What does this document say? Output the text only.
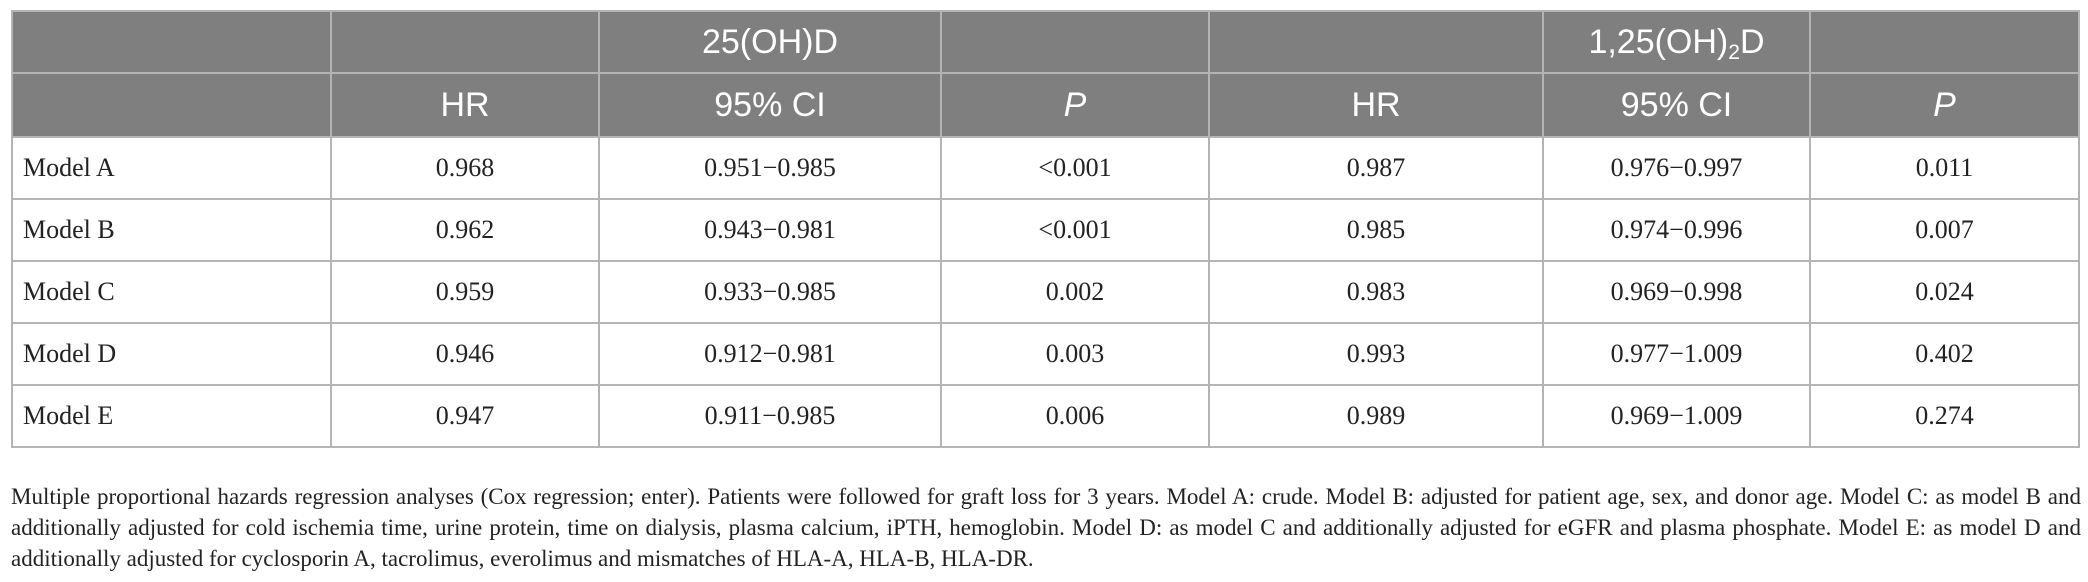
		25(OH)D			$1,25(OH)_2D$	
	HR	95% CI	P	HR	95% CI	P
Model A	0.968	0.951−0.985	<0.001	0.987	0.976−0.997	0.011
Model B	0.962	0.943−0.981	<0.001	0.985	0.974−0.996	0.007
Model C	0.959	0.933−0.985	0.002	0.983	0.969−0.998	0.024
Model D	0.946	0.912−0.981	0.003	0.993	0.977−1.009	0.402
Model E	0.947	0.911−0.985	0.006	0.989	0.969−1.009	0.274

Multiple proportional hazards regression analyses (Cox regression; enter). Patients were followed for graft loss for 3 years. Model A: crude. Model B: adjusted for patient age, sex, and donor age. Model C: as model B and additionally adjusted for cold ischemia time, urine protein, time on dialysis, plasma calcium, iPTH, hemoglobin. Model D: as model C and additionally adjusted for eGFR and plasma phosphate. Model E: as model D and additionally adjusted for cyclosporin A, tacrolimus, everolimus and mismatches of HLA-A, HLA-B, HLA-DR.
